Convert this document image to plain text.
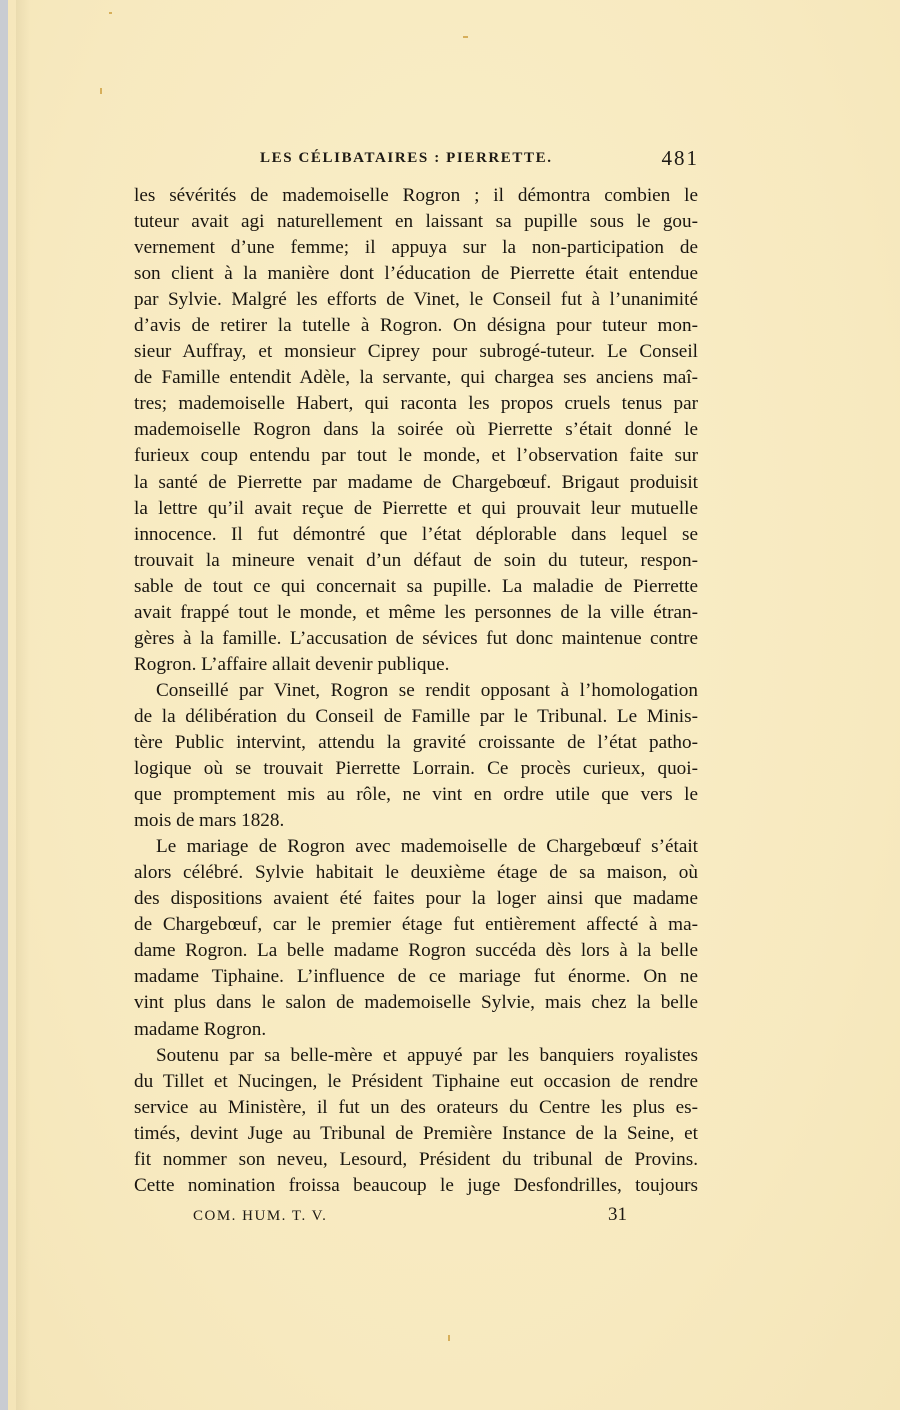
LES CÉLIBATAIRES : PIERRETTE.	481
les sévérités de mademoiselle Rogron ; il démontra combien le
tuteur avait agi naturellement en laissant sa pupille sous le gou-
vernement d’une femme; il appuya sur la non-participation de
son client à la manière dont l’éducation de Pierrette était entendue
par Sylvie. Malgré les efforts de Vinet, le Conseil fut à l’unanimité
d’avis de retirer la tutelle à Rogron. On désigna pour tuteur mon-
sieur Auffray, et monsieur Ciprey pour subrogé-tuteur. Le Conseil
de Famille entendit Adèle, la servante, qui chargea ses anciens maî-
tres; mademoiselle Habert, qui raconta les propos cruels tenus par
mademoiselle Rogron dans la soirée où Pierrette s’était donné le
furieux coup entendu par tout le monde, et l’observation faite sur
la santé de Pierrette par madame de Chargebœuf. Brigaut produisit
la lettre qu’il avait reçue de Pierrette et qui prouvait leur mutuelle
innocence. Il fut démontré que l’état déplorable dans lequel se
trouvait la mineure venait d’un défaut de soin du tuteur, respon-
sable de tout ce qui concernait sa pupille. La maladie de Pierrette
avait frappé tout le monde, et même les personnes de la ville étran-
gères à la famille. L’accusation de sévices fut donc maintenue contre
Rogron. L’affaire allait devenir publique.
Conseillé par Vinet, Rogron se rendit opposant à l’homologation
de la délibération du Conseil de Famille par le Tribunal. Le Minis-
tère Public intervint, attendu la gravité croissante de l’état patho-
logique où se trouvait Pierrette Lorrain. Ce procès curieux, quoi-
que promptement mis au rôle, ne vint en ordre utile que vers le
mois de mars 1828.
Le mariage de Rogron avec mademoiselle de Chargebœuf s’était
alors célébré. Sylvie habitait le deuxième étage de sa maison, où
des dispositions avaient été faites pour la loger ainsi que madame
de Chargebœuf, car le premier étage fut entièrement affecté à ma-
dame Rogron. La belle madame Rogron succéda dès lors à la belle
madame Tiphaine. L’influence de ce mariage fut énorme. On ne
vint plus dans le salon de mademoiselle Sylvie, mais chez la belle
madame Rogron.
Soutenu par sa belle-mère et appuyé par les banquiers royalistes
du Tillet et Nucingen, le Président Tiphaine eut occasion de rendre
service au Ministère, il fut un des orateurs du Centre les plus es-
timés, devint Juge au Tribunal de Première Instance de la Seine, et
fit nommer son neveu, Lesourd, Président du tribunal de Provins.
Cette nomination froissa beaucoup le juge Desfondrilles, toujours
COM. HUM. T. V.	31
